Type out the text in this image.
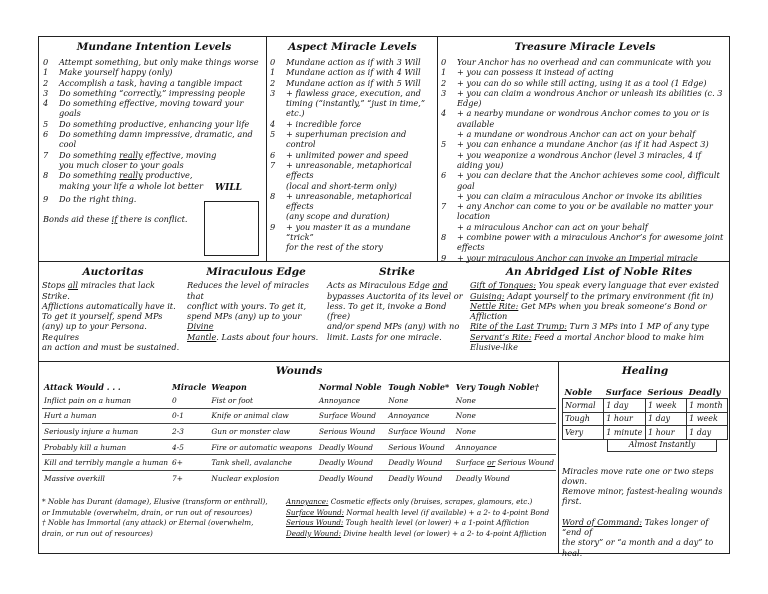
Mundane Intention Levels
0	Attempt something, but only make things worse
1	Make yourself happy (only)
2	Accomplish a task, having a tangible impact
3	Do something “correctly,” impressing people
4	Do something effective, moving toward your goals
5	Do something productive, enhancing your life
6	Do something damn impressive, dramatic, and cool
7	Do something really effective, moving
you much closer to your goals
8	Do something really productive,
making your life a whole lot better
9	Do the right thing.
Bonds aid these if there is conflict.
WILL
Aspect Miracle Levels
0	Mundane action as if with 3 Will
1	Mundane action as if with 4 Will
2	Mundane action as if with 5 Will
3	+ flawless grace, execution, and
timing (“instantly,” “just in time,” etc.)
4	+ incredible force
5	+ superhuman precision and control
6	+ unlimited power and speed
7	+ unreasonable, metaphorical effects
(local and short-term only)
8	+ unreasonable, metaphorical effects
(any scope and duration)
9	+ you master it as a mundane “trick”
for the rest of the story
Treasure Miracle Levels
0	Your Anchor has no overhead and can communicate with you
1	+ you can possess it instead of acting
2	+ you can do so while still acting, using it as a tool (1 Edge)
3	+ you can claim a wondrous Anchor or unleash its abilities (c. 3 Edge)
4	+ a nearby mundane or wondrous Anchor comes to you or is available
+ a mundane or wondrous Anchor can act on your behalf
5	+ you can enhance a mundane Anchor (as if it had Aspect 3)
+ you weaponize a wondrous Anchor (level 3 miracles, 4 if aiding you)
6	+ you can declare that the Anchor achieves some cool, difficult goal
+ you can claim a miraculous Anchor or invoke its abilities
7	+ any Anchor can come to you or be available no matter your location
+ a miraculous Anchor can act on your behalf
8	+ combine power with a miraculous Anchor’s for awesome joint effects
9	+ your miraculous Anchor can invoke an Imperial miracle
Auctoritas
Stops all miracles that lack Strike.
Afflictions automatically have it.
To get it yourself, spend MPs
(any) up to your Persona. Requires
an action and must be sustained.
Miraculous Edge
Reduces the level of miracles that
conflict with yours. To get it,
spend MPs (any) up to your Divine
Mantle. Lasts about four hours.
Strike
Acts as Miraculous Edge and
bypasses Auctorita of its level or
less. To get it, invoke a Bond (free)
and/or spend MPs (any) with no
limit. Lasts for one miracle.
An Abridged List of Noble Rites
Gift of Tongues: You speak every language that ever existed
Guising: Adapt yourself to the primary environment (fit in)
Nettle Rite: Get MPs when you break someone’s Bond or Affliction
Rite of the Last Trump: Turn 3 MPs into 1 MP of any type
Servant’s Rite: Feed a mortal Anchor blood to make him Elusive-like
Wounds
Attack Would . . .	Miracle	Weapon	Normal Noble	Tough Noble*	Very Tough Noble†
Inflict pain on a human	0	Fist or foot	Annoyance	None	None
Hurt a human	0-1	Knife or animal claw	Surface Wound	Annoyance	None
Seriously injure a human	2-3	Gun or monster claw	Serious Wound	Surface Wound	None
Probably kill a human	4-5	Fire or automatic weapons	Deadly Wound	Serious Wound	Annoyance
Kill and terribly mangle a human	6+	Tank shell, avalanche	Deadly Wound	Deadly Wound	Surface or Serious Wound
Massive overkill	7+	Nuclear explosion	Deadly Wound	Deadly Wound	Deadly Wound
* Noble has Durant (damage), Elusive (transform or enthrall),
or Immutable (overwhelm, drain, or run out of resources)
† Noble has Immortal (any attack) or Eternal (overwhelm,
drain, or run out of resources)
Annoyance: Cosmetic effects only (bruises, scrapes, glamours, etc.)
Surface Wound: Normal health level (if available) + a 2- to 4-point Bond
Serious Wound: Tough health level (or lower) + a 1-point Affliction
Deadly Wound: Divine health level (or lower) + a 2- to 4-point Affliction
Healing
Noble	Surface	Serious	Deadly
Normal	1 day	1 week	1 month
Tough	1 hour	1 day	1 week
Very	1 minute	1 hour	1 day
Almost Instantly
Miracles move rate one or two steps down.
Remove minor, fastest-healing wounds first.
Word of Command: Takes longer of “end of
the story” or “a month and a day” to heal.
